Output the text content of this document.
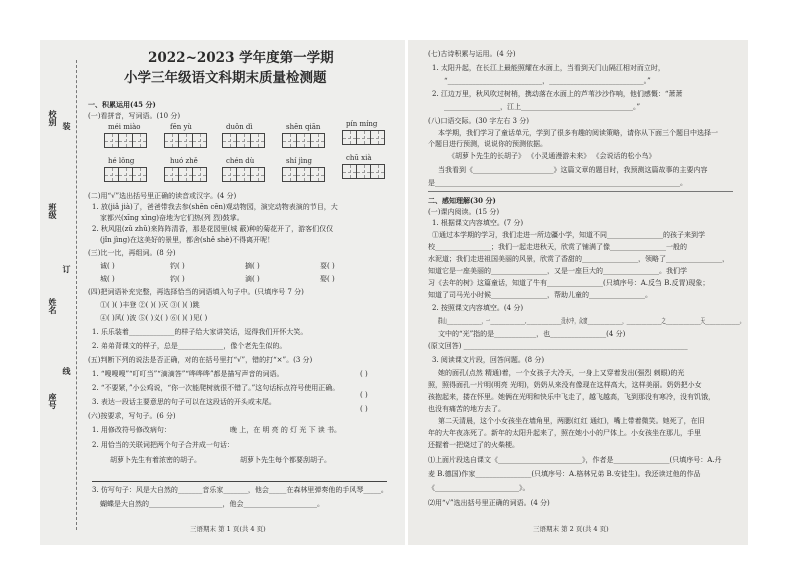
校别 装
班级
订
姓名
线
座号
2022~2023 学年度第一学期
小学三年级语文科期末质量检测题
一、积累运用(45 分)
(一)看拼音，写词语。(10 分)
méi miào	fēn yù	duǒn dì	shēn qiān	pín míng
hé lǒng	huó zhě	chén dù	shí jìng	chū xià
(二)用“√”选出括号里正确的读音或汉字。(4 分)
1. 放(jiǎ jià)了，爸爸带我去参(shēn cēn)观动物园，演完动物表演的节目，大
家都兴(xīng xìng)奋地为它们热(列 烈)鼓掌。
2. 秋风阻(zǔ zhǔ)来阵阵清香，那是花园里(城 蔽)种的菊花开了，游客们仅仅
(jǐn jìng)在这美好的景里，都舍(shě shè)不得离开呢！
(三)比一比，再组词。(8 分)
诚( )	钓( )	摘( )	耍( )
城( )	钓( )	滴( )	娶( )
(四)把词语补充完整，再选择恰当的词语填入句子中。(只填序号 7 分)
①( )( )丰登 ②( )( )灭 ③( )( )跳
④( )风( )波 ⑤( )义( ) ⑥( )( )见( )
1. 乐乐装着_____________的样子给大家讲笑话，逗得我们开怀大笑。
2. 弟弟背课文的样子，总是_____________，像个老先生似的。
(五)判断下列的说法是否正确，对的在括号里打“√”，错的打“×”。(3 分)
1. “嗖嗖嗖”“叮叮当”“滴滴答”“哗哗哗”都是描写声音的词语。	( )
2. “不要紧，”小公鸡说，“你一次能爬树就很不错了。”这句话标点符号使用正确。
( )
3. 表达一段话主要意思的句子可以在这段话的开头或末尾。
( )
(六)按要求，写句子。(6 分)
1. 用修改符号修改病句：	晚 上，在 明 亮 的 灯 光 下 读 书。
2. 用恰当的关联词把两个句子合并成一句话：
胡萝卜先生有着浓密的胡子。	胡萝卜先生每个都要刮胡子。
3. 仿写句子：风是大自然的_______音乐家_______，他会_____在森林里弹奏他的手风琴_____。
蝴蝶是大自然的_____________________，他会_____________________。
三语期末 第 1 页(共 4 页)
(七)古诗积累与运用。(4 分)
1. 太阳升起，在长江上最能照耀在水面上，当看到天门山隔江相对而立时，
“___________________________，___________________________。”
2. 江边万里，秋风吹过树梢，携动落在水面上的芦苇沙沙作响，他们感慨：“萧萧
________________，江上________________________________。”
(八)口语交际。(30 字左右 3 分)
本学期，我们学习了童话单元，学到了很多有趣的阅读策略，请你从下面三个题目中选择一
个题目进行预测，说说你的预测依据。
《胡萝卜先生的长胡子》 《小灵通漫游未来》 《会说话的松小鸟》
当我看到《_______________________》这篇文章的题目时，我预测这篇故事的主要内容
是______________________________________________________________________。
二、感知理解(30 分)
(一)课内阅读。(15 分)
1. 根据课文内容填空。(7 分)
①通过本学期的学习，我们走进一所边疆小学，知道不同________________的孩子来到学
校________________；我们一起走进秋天，欣赏了铺满了像________________一般的
水泥道；我们走进祖国美丽的风景，欣赏了香甜的________________，领略了________________，
知道它是一座美丽的________________，又是一座巨大的________________。我们学
习《去年的树》这篇童话，知道了牛有________________(只填序号：A.反刍 B.反胃)现象；
知道了司马光小时候________________，帮助儿童的________________。
2. 按照课文内容填空。(4 分)
群山________________，一________________,________________没水中，众窗________________，________________之________________天________________。
文中的“光”指的是____________，也________________(4 分)
(原文回答) ________________________________________________________________
3. 阅读课文片段，回答问题。(8 分)
她的面孔(点然 精通)着，一个女孩子大冷天，一身上又穿着发出(强烈 刺眼)的光
照，照得面孔一片明(明亮 光明)，奶奶从来没有像现在这样高大，这样美丽。奶奶把小女
孩抱起来，搂在怀里。她俩在光明和快乐中飞走了，越飞越高，飞到那没有寒冷，没有饥饿，
也没有痛苦的地方去了。
第二天清晨，这个小女孩坐在墙角里，两腮(红红 通红)，嘴上带着微笑。她死了，在旧
年的大年夜冻死了。新年的太阳升起来了，照在她小小的尸体上。小女孩坐在那儿，手里
还握着一把烧过了的火柴梗。
⑴上面片段选自课文《________________________》，作者是________________(只填序号：A.丹
麦 B.德国)作家________________(只填序号：A.格林兄弟 B.安徒生)。我还读过他的作品
《________________________》。
⑵用“√”选出括号里正确的词语。(4 分)
三语期末 第 2 页(共 4 页)
